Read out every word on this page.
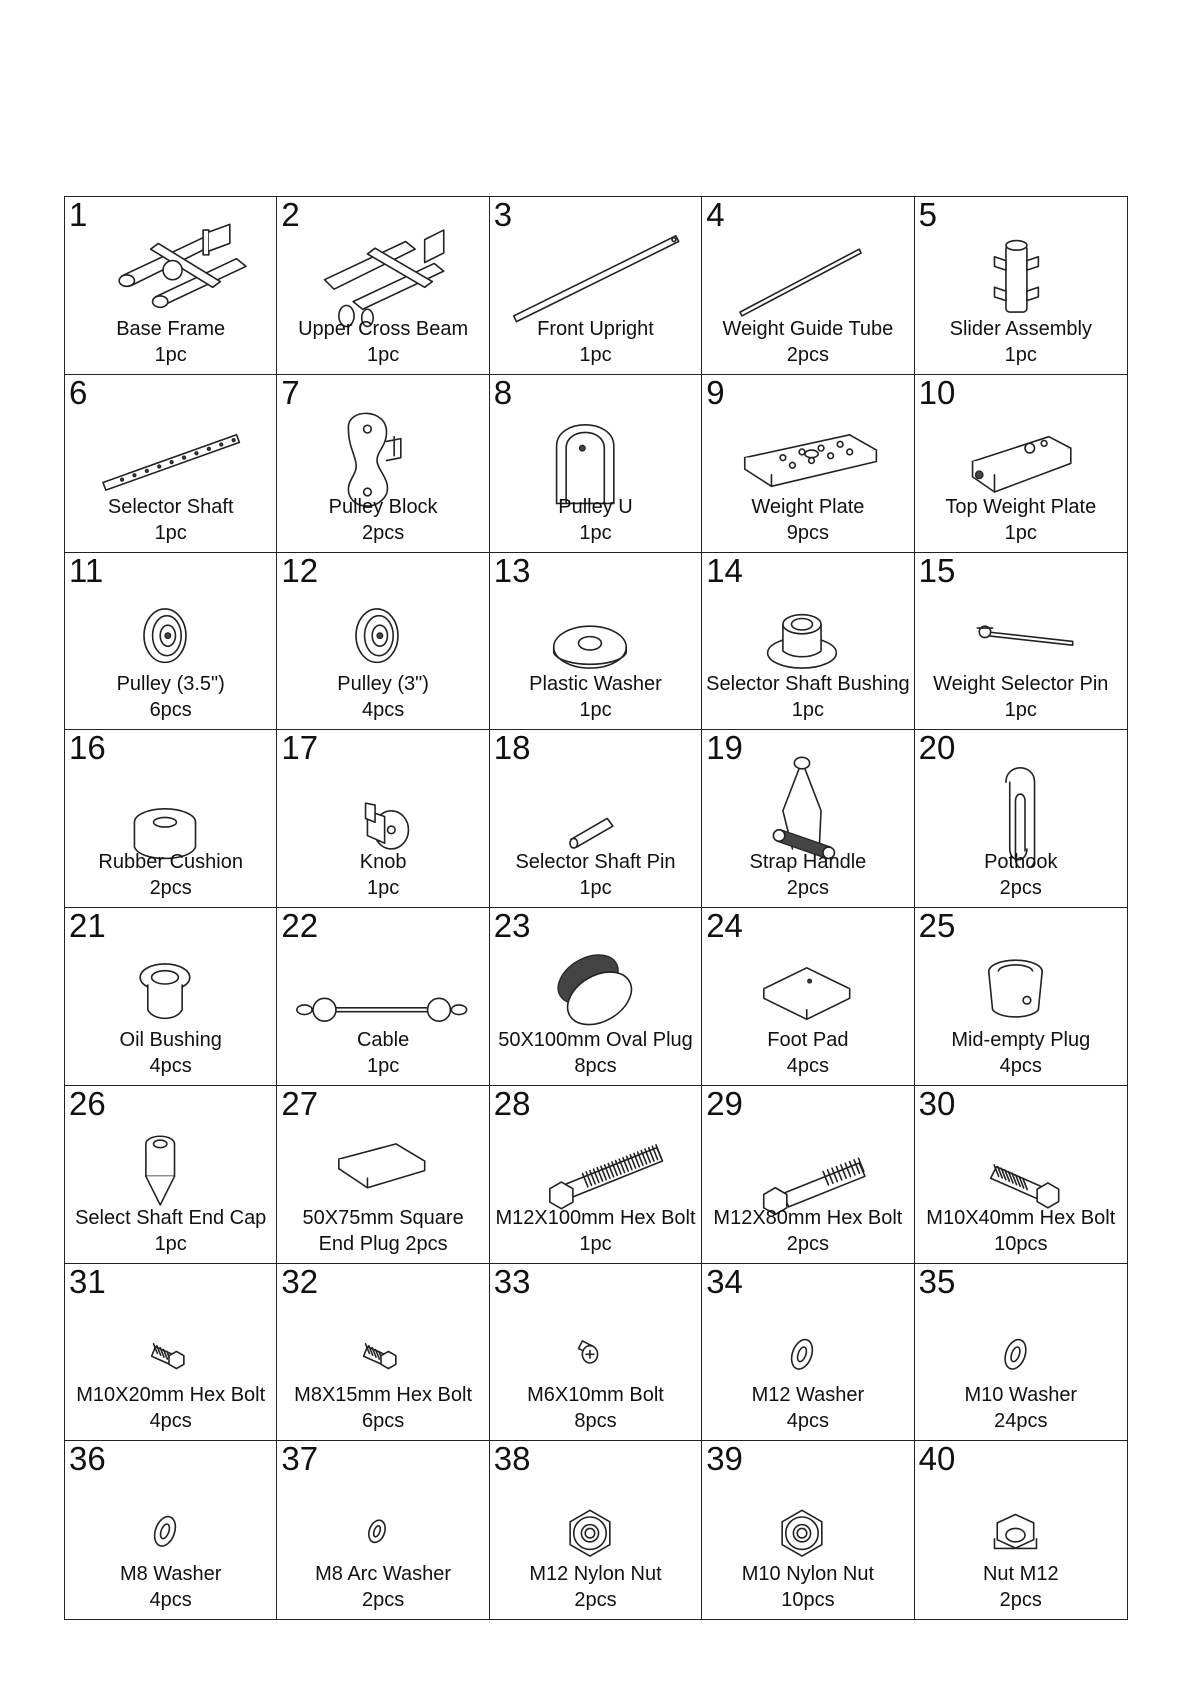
1
Base Frame
1pc
2
Upper Cross Beam
1pc
3
Front Upright
1pc
4
Weight Guide Tube
2pcs
5
Slider Assembly
1pc
6
Selector Shaft
1pc
7
Pulley Block
2pcs
8
Pulley U
1pc
9
Weight Plate
9pcs
10
Top Weight Plate
1pc
11
Pulley (3.5")
6pcs
12
Pulley (3")
4pcs
13
Plastic Washer
1pc
14
Selector Shaft Bushing
1pc
15
Weight Selector Pin
1pc
16
Rubber Cushion
2pcs
17
Knob
1pc
18
Selector Shaft Pin
1pc
19
Strap Handle
2pcs
20
Pothook
2pcs
21
Oil Bushing
4pcs
22
Cable
1pc
23
50X100mm Oval Plug
8pcs
24
Foot Pad
4pcs
25
Mid-empty Plug
4pcs
26
Select Shaft End Cap
1pc
27
50X75mm Square
End Plug 2pcs
28
M12X100mm Hex Bolt
1pc
29
M12X80mm Hex Bolt
2pcs
30
M10X40mm Hex Bolt
10pcs
31
M10X20mm Hex Bolt
4pcs
32
M8X15mm Hex Bolt
6pcs
33
M6X10mm Bolt
8pcs
34
M12 Washer
4pcs
35
M10 Washer
24pcs
36
M8 Washer
4pcs
37
M8 Arc Washer
2pcs
38
M12 Nylon Nut
2pcs
39
M10 Nylon Nut
10pcs
40
Nut M12
2pcs
